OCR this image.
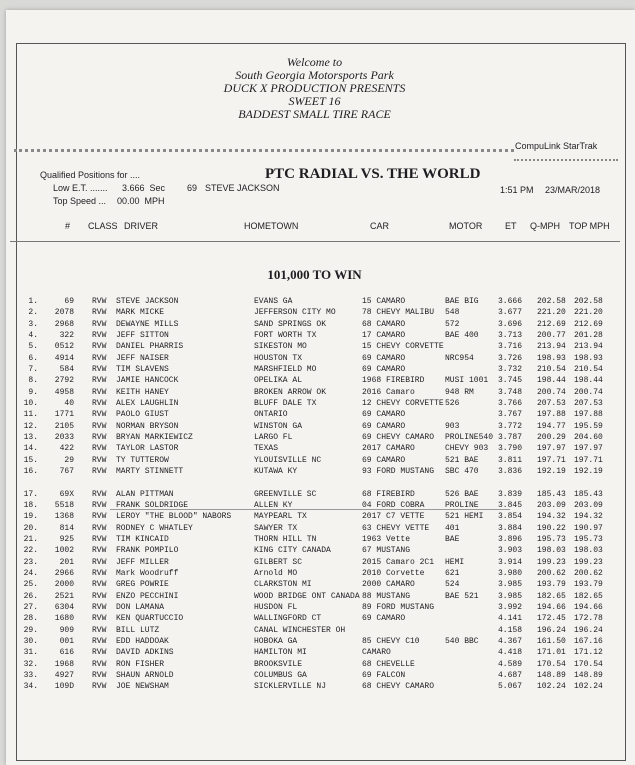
Welcome to
South Georgia Motorsports Park
DUCK X PRODUCTION PRESENTS
SWEET 16
BADDEST SMALL TIRE RACE
CompuLink StarTrak
Qualified Positions for ....
Low E.T. ....... 3.666  Sec 69 STEVE JACKSON
Top Speed ... 00.00  MPH
PTC RADIAL VS. THE WORLD
1:51 PM 23/MAR/2018
# CLASS DRIVER	HOMETOWN	CAR	MOTOR	ET Q-MPH TOP MPH
101,000 TO WIN
1.	69 RVW STEVE JACKSON	EVANS GA	15 CAMARO	BAE BIG 3.666 202.58 202.58
2.	2078 RVW MARK MICKE	JEFFERSON CITY MO	78 CHEVY MALIBU 548	3.677 221.20 221.20
3.	2968 RVW DEWAYNE MILLS	SAND SPRINGS OK	68 CAMARO	572	3.696 212.69 212.69
4.	322 RVW JEFF SITTON	FORT WORTH TX	17 CAMARO	BAE 400 3.713 200.77 201.28
5.	0512 RVW DANIEL PHARRIS	SIKESTON MO	15 CHEVY CORVETTE	3.716 213.94 213.94
6.	4914 RVW JEFF NAISER	HOUSTON TX	69 CAMARO	NRC954	3.726 198.93 198.93
7.	584 RVW TIM SLAVENS	MARSHFIELD MO	69 CAMARO	3.732 210.54 210.54
8.	2792 RVW JAMIE HANCOCK	OPELIKA AL	1968 FIREBIRD	MUSI 1001 3.745 198.44 198.44
9.	4958 RVW KEITH HANEY	BROKEN ARROW OK	2016 Camaro	948 RM	3.748 200.74 200.74
10.	40 RVW ALEX LAUGHLIN	BLUFF DALE TX	12 CHEVY CORVETTE 526	3.766 207.53 207.53
11.	1771 RVW PAOLO GIUST	ONTARIO	69 CAMARO	3.767 197.88 197.88
12.	2105 RVW NORMAN BRYSON	WINSTON GA	69 CAMARO	903	3.772 194.77 195.59
13.	2033 RVW BRYAN MARKIEWICZ	LARGO FL	69 CHEVY CAMARO PROLINE540 3.787 200.29 204.60
14.	422 RVW TAYLOR LASTOR	TEXAS	2017 CAMARO	CHEVY 903 3.790 197.97 197.97
15.	29 RVW TY TUTTEROW	YLOUISVILLE NC	69 CAMARO	521 BAE 3.811 197.71 197.71
16.	767 RVW MARTY STINNETT	KUTAWA KY	93 FORD MUSTANG SBC 470 3.836 192.19 192.19
17.	69X RVW ALAN PITTMAN	GREENVILLE SC	68 FIREBIRD	526 BAE 3.839 185.43 185.43
18.	5518 RVW FRANK SOLDRIDGE	ALLEN KY	04 FORD COBRA	PROLINE 3.845 203.09 203.09
19.	1368 RVW LEROY "THE BLOOD" NABORS	MAYPEARL TX	2017 C7 VETTE	521 HEMI 3.854 194.32 194.32
20.	814 RVW RODNEY C WHATLEY	SAWYER TX	63 CHEVY VETTE 401	3.884 190.22 190.97
21.	925 RVW TIM KINCAID	THORN HILL TN	1963 Vette	BAE	3.896 195.73 195.73
22.	1002 RVW FRANK POMPILO	KING CITY CANADA	67 MUSTANG	3.903 198.03 198.03
23.	201 RVW JEFF MILLER	GILBERT SC	2015 Camaro 2C1 HEMI	3.914 199.23 199.23
24.	2966 RVW Mark Woodruff	Arnold MO	2010 Corvette	621	3.980 200.62 200.62
25.	2000 RVW GREG POWRIE	CLARKSTON MI	2000 CAMARO	524	3.985 193.79 193.79
26.	2521 RVW ENZO PECCHINI	WOOD BRIDGE ONT CANADA 88 MUSTANG	BAE 521 3.985 182.65 182.65
27.	6304 RVW DON LAMANA	HUSDON FL	89 FORD MUSTANG	3.992 194.66 194.66
28.	1680 RVW KEN QUARTUCCIO	WALLINGFORD CT	69 CAMARO	4.141 172.45 172.78
29.	909 RVW BILL LUTZ	CANAL WINCHESTER OH	4.158 196.24 196.24
30.	001 RVW EDD HADDOAK	HOBOKA GA	85 CHEVY C10	540 BBC 4.367 161.50 167.16
31.	616 RVW DAVID ADKINS	HAMILTON MI	CAMARO	4.418 171.01 171.12
32.	1968 RVW RON FISHER	BROOKSVILE	68 CHEVELLE	4.589 170.54 170.54
33.	4927 RVW SHAUN ARNOLD	COLUMBUS GA	69 FALCON	4.687 148.89 148.89
34.	109D RVW JOE NEWSHAM	SICKLERVILLE NJ	68 CHEVY CAMARO	5.067 102.24 102.24
